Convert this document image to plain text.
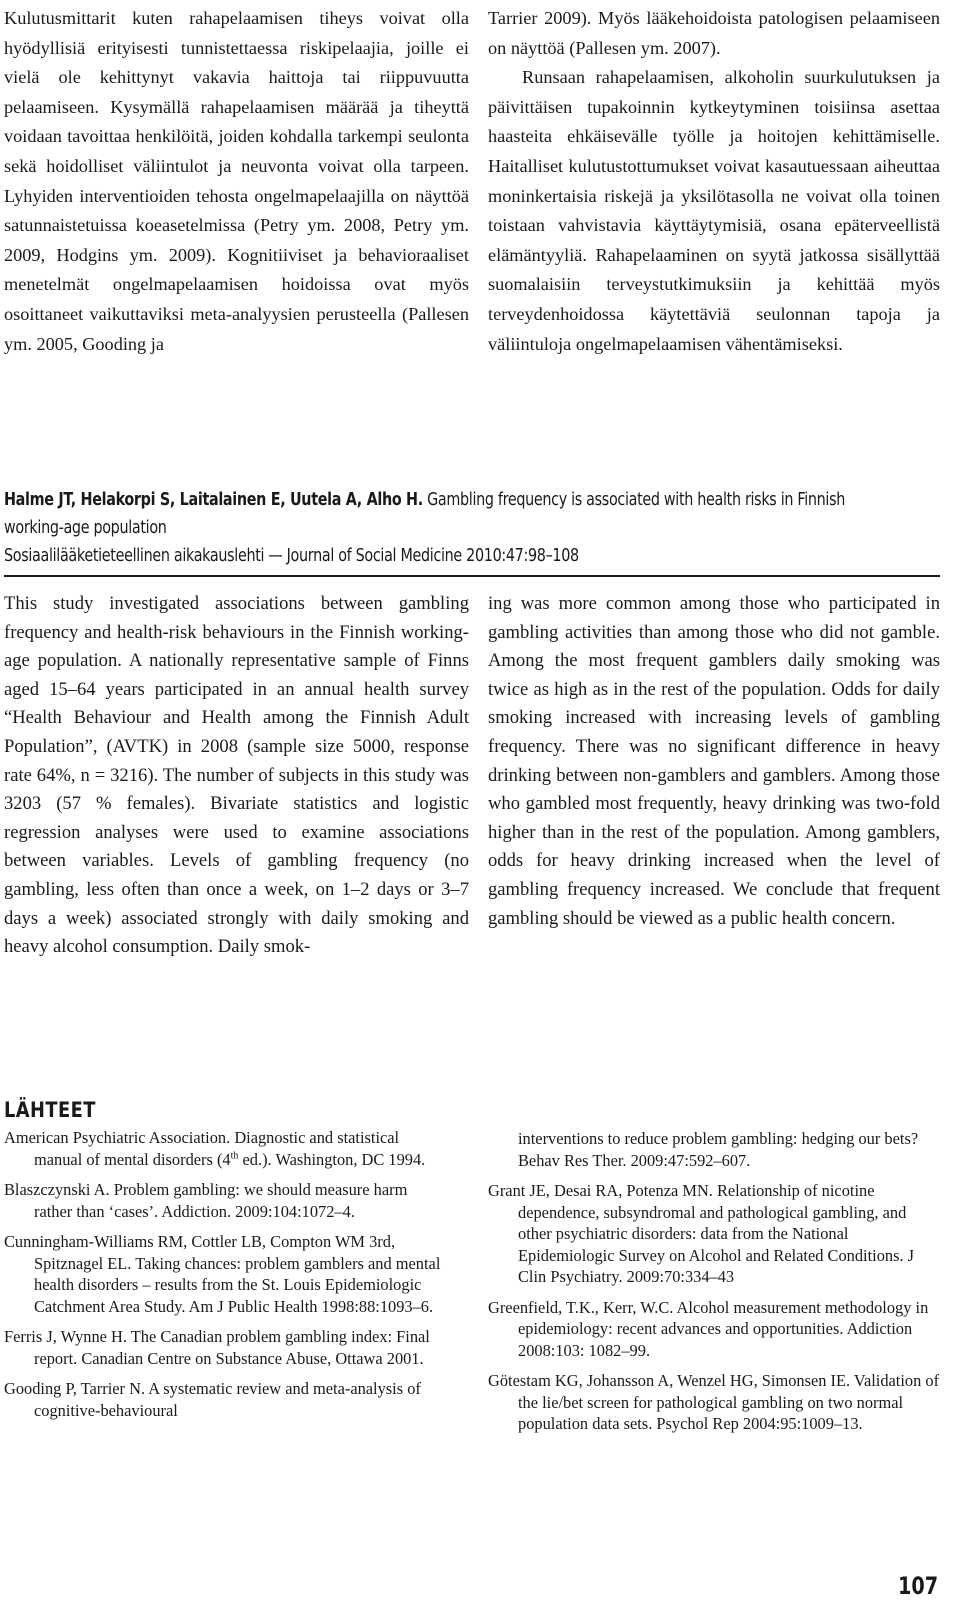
Kulutusmittarit kuten rahapelaamisen tiheys voivat olla hyödyllisiä erityisesti tunnistettaessa riskipelaajia, joille ei vielä ole kehittynyt vakavia haittoja tai riippuvuutta pelaamiseen. Kysymällä rahapelaamisen määrää ja tiheyttä voidaan tavoittaa henkilöitä, joiden kohdalla tarkempi seulonta sekä hoidolliset väliintulot ja neuvonta voivat olla tarpeen. Lyhyiden interventioiden tehosta ongelmapelaajilla on näyttöä satunnaistetuissa koeasetelmissa (Petry ym. 2008, Petry ym. 2009, Hodgins ym. 2009). Kognitiiviset ja behavioraaliset menetelmät ongelmapelaamisen hoidoissa ovat myös osoittaneet vaikuttaviksi meta-analyysien perusteella (Pallesen ym. 2005, Gooding ja

Tarrier 2009). Myös lääkehoidoista patologisen pelaamiseen on näyttöä (Pallesen ym. 2007).

Runsaan rahapelaamisen, alkoholin suurkulutuksen ja päivittäisen tupakoinnin kytkeytyminen toisiinsa asettaa haasteita ehkäisevälle työlle ja hoitojen kehittämiselle. Haitalliset kulutustottumukset voivat kasautuessaan aiheuttaa moninkertaisia riskejä ja yksilötasolla ne voivat olla toinen toistaan vahvistavia käyttäytymisiä, osana epäterveellistä elämäntyyliä. Rahapelaaminen on syytä jatkossa sisällyttää suomalaisiin terveystutkimuksiin ja kehittää myös terveydenhoidossa käytettäviä seulonnan tapoja ja väliintuloja ongelmapelaamisen vähentämiseksi.

Halme JT, Helakorpi S, Laitalainen E, Uutela A, Alho H. Gambling frequency is associated with health risks in Finnish
working-age population
Sosiaalilääketieteellinen aikakauslehti — Journal of Social Medicine 2010:47:98–108

This study investigated associations between gambling frequency and health-risk behaviours in the Finnish working-age population. A nationally representative sample of Finns aged 15–64 years participated in an annual health survey “Health Behaviour and Health among the Finnish Adult Population”, (AVTK) in 2008 (sample size 5000, response rate 64%, n = 3216). The number of subjects in this study was 3203 (57 % females). Bivariate statistics and logistic regression analyses were used to examine associations between variables. Levels of gambling frequency (no gambling, less often than once a week, on 1–2 days or 3–7 days a week) associated strongly with daily smoking and heavy alcohol consumption. Daily smok-

ing was more common among those who participated in gambling activities than among those who did not gamble. Among the most frequent gamblers daily smoking was twice as high as in the rest of the population. Odds for daily smoking increased with increasing levels of gambling frequency. There was no significant difference in heavy drinking between non-gamblers and gamblers. Among those who gambled most frequently, heavy drinking was two-fold higher than in the rest of the population. Among gamblers, odds for heavy drinking increased when the level of gambling frequency increased. We conclude that frequent gambling should be viewed as a public health concern.

LÄHTEET

American Psychiatric Association. Diagnostic and statistical manual of mental disorders (4th ed.). Washington, DC 1994.

Blaszczynski A. Problem gambling: we should measure harm rather than ‘cases’. Addiction. 2009:104:1072–4.

Cunningham-Williams RM, Cottler LB, Compton WM 3rd, Spitznagel EL. Taking chances: problem gamblers and mental health disorders – results from the St. Louis Epidemiologic Catchment Area Study. Am J Public Health 1998:88:1093–6.

Ferris J, Wynne H. The Canadian problem gambling index: Final report. Canadian Centre on Substance Abuse, Ottawa 2001.

Gooding P, Tarrier N. A systematic review and meta-analysis of cognitive-behavioural

interventions to reduce problem gambling: hedging our bets? Behav Res Ther. 2009:47:592–607.

Grant JE, Desai RA, Potenza MN. Relationship of nicotine dependence, subsyndromal and pathological gambling, and other psychiatric disorders: data from the National Epidemiologic Survey on Alcohol and Related Conditions. J Clin Psychiatry. 2009:70:334–43

Greenfield, T.K., Kerr, W.C. Alcohol measurement methodology in epidemiology: recent advances and opportunities. Addiction 2008:103: 1082–99.

Götestam KG, Johansson A, Wenzel HG, Simonsen IE. Validation of the lie/bet screen for pathological gambling on two normal population data sets. Psychol Rep 2004:95:1009–13.

107
